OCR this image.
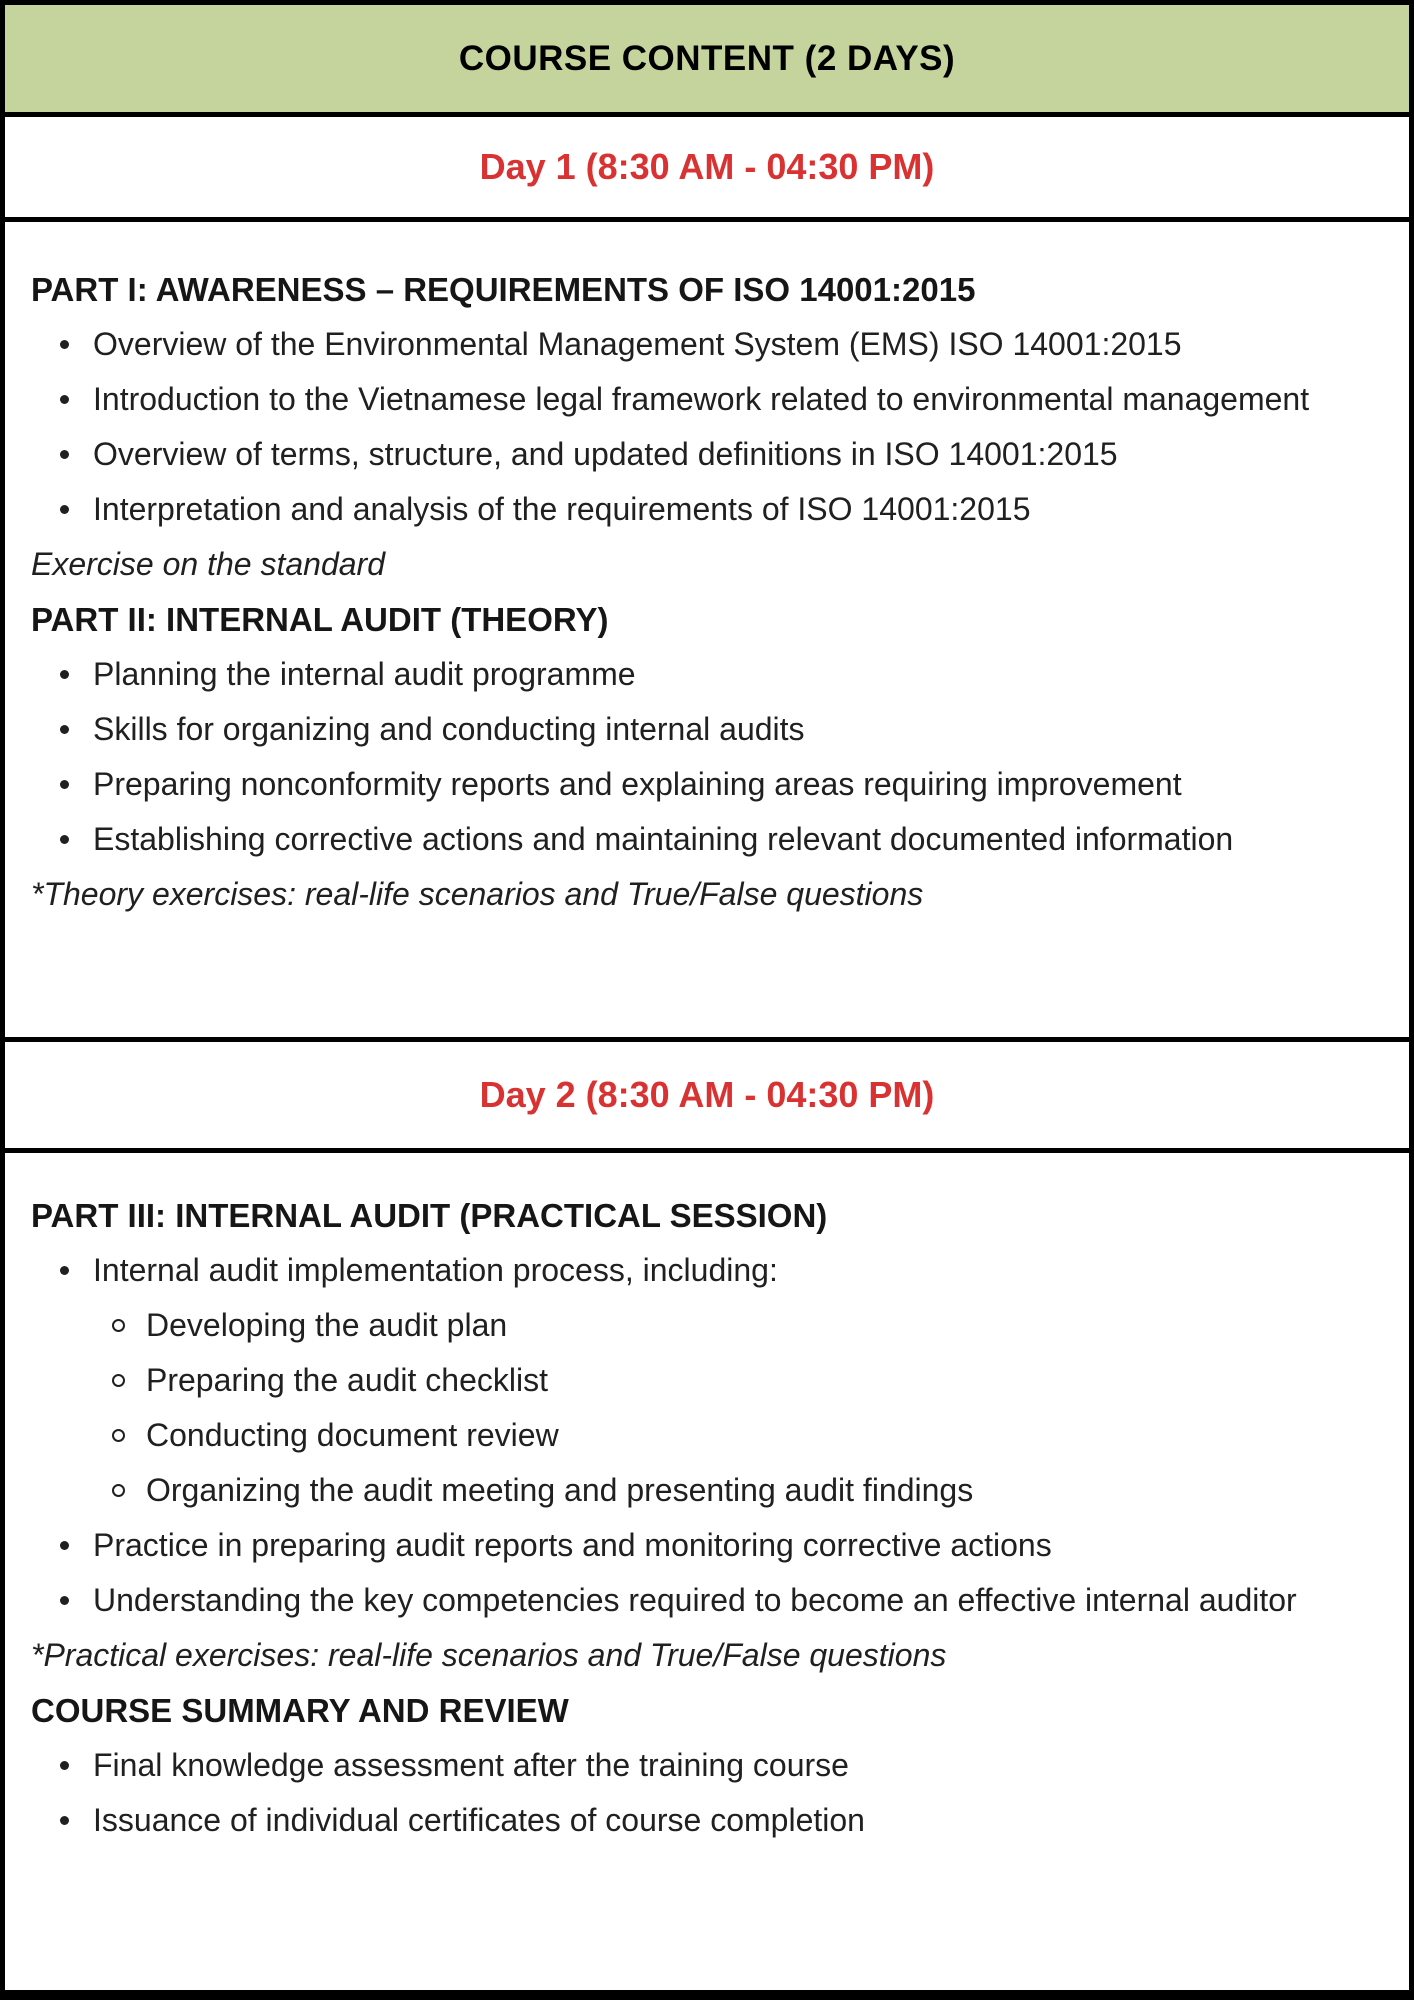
COURSE CONTENT (2 DAYS)
Day 1 (8:30 AM - 04:30 PM)
PART I: AWARENESS – REQUIREMENTS OF ISO 14001:2015
Overview of the Environmental Management System (EMS) ISO 14001:2015
Introduction to the Vietnamese legal framework related to environmental management
Overview of terms, structure, and updated definitions in ISO 14001:2015
Interpretation and analysis of the requirements of ISO 14001:2015
Exercise on the standard
PART II: INTERNAL AUDIT (THEORY)
Planning the internal audit programme
Skills for organizing and conducting internal audits
Preparing nonconformity reports and explaining areas requiring improvement
Establishing corrective actions and maintaining relevant documented information
*Theory exercises: real-life scenarios and True/False questions
Day 2 (8:30 AM - 04:30 PM)
PART III: INTERNAL AUDIT (PRACTICAL SESSION)
Internal audit implementation process, including:
Developing the audit plan
Preparing the audit checklist
Conducting document review
Organizing the audit meeting and presenting audit findings
Practice in preparing audit reports and monitoring corrective actions
Understanding the key competencies required to become an effective internal auditor
*Practical exercises: real-life scenarios and True/False questions
COURSE SUMMARY AND REVIEW
Final knowledge assessment after the training course
Issuance of individual certificates of course completion
